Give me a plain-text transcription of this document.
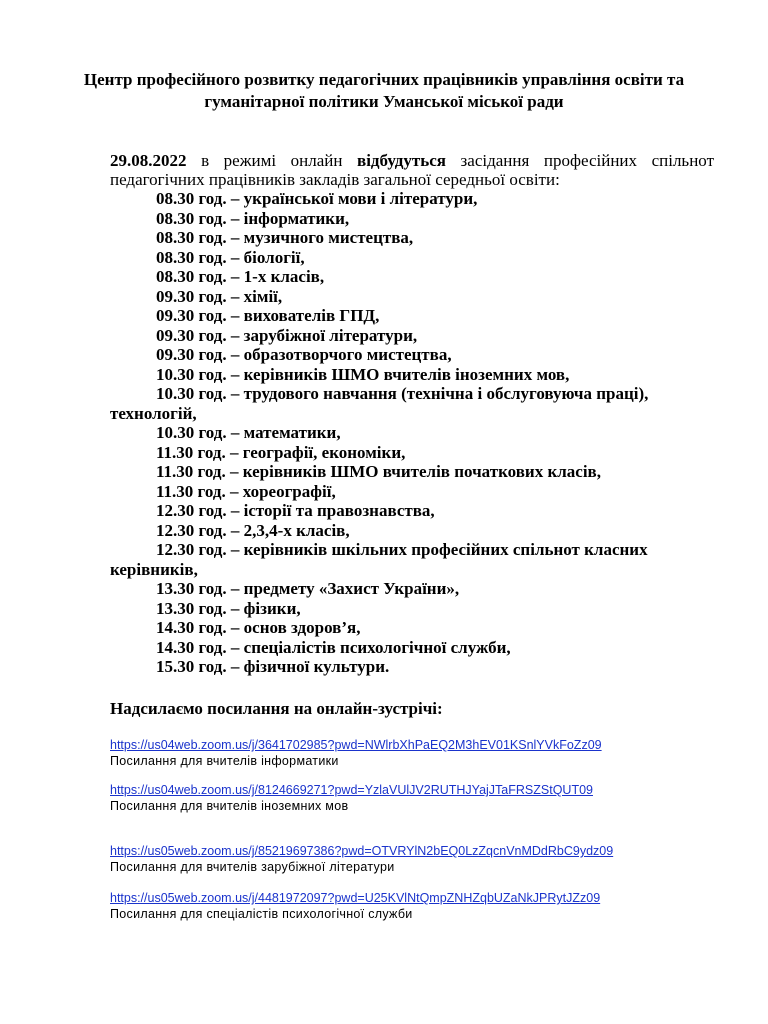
Центр професійного розвитку педагогічних працівників управління освіти та
гуманітарної політики Уманської міської ради
29.08.2022 в режимі онлайн відбудуться засідання професійних спільнот педагогічних працівників закладів загальної середньої освіти:
08.30 год. – української мови і літератури,
08.30 год. – інформатики,
08.30 год. – музичного мистецтва,
08.30 год. – біології,
08.30 год. – 1-х класів,
09.30 год. – хімії,
09.30 год. – вихователів ГПД,
09.30 год. – зарубіжної літератури,
09.30 год. – образотворчого мистецтва,
10.30 год. – керівників ШМО вчителів іноземних мов,
10.30 год. – трудового навчання (технічна і обслуговуюча праці), технологій,
10.30 год. – математики,
11.30 год. – географії, економіки,
11.30 год. – керівників ШМО вчителів початкових класів,
11.30 год. – хореографії,
12.30 год. – історії та правознавства,
12.30 год. – 2,3,4-х класів,
12.30 год. – керівників шкільних професійних спільнот класних керівників,
13.30 год. – предмету «Захист України»,
13.30 год. – фізики,
14.30 год. – основ здоров’я,
14.30 год. – спеціалістів психологічної служби,
15.30 год. – фізичної культури.
Надсилаємо посилання на онлайн-зустрічі:
https://us04web.zoom.us/j/3641702985?pwd=NWlrbXhPaEQ2M3hEV01KSnlYVkFoZz09
Посилання для вчителів інформатики
https://us04web.zoom.us/j/8124669271?pwd=YzlaVUlJV2RUTHJYajJTaFRSZStQUT09
Посилання для вчителів іноземних мов
https://us05web.zoom.us/j/85219697386?pwd=OTVRYlN2bEQ0LzZqcnVnMDdRbC9ydz09
Посилання для вчителів зарубіжної літератури
https://us05web.zoom.us/j/4481972097?pwd=U25KVlNtQmpZNHZqbUZaNkJPRytJZz09
Посилання для спеціалістів психологічної служби
